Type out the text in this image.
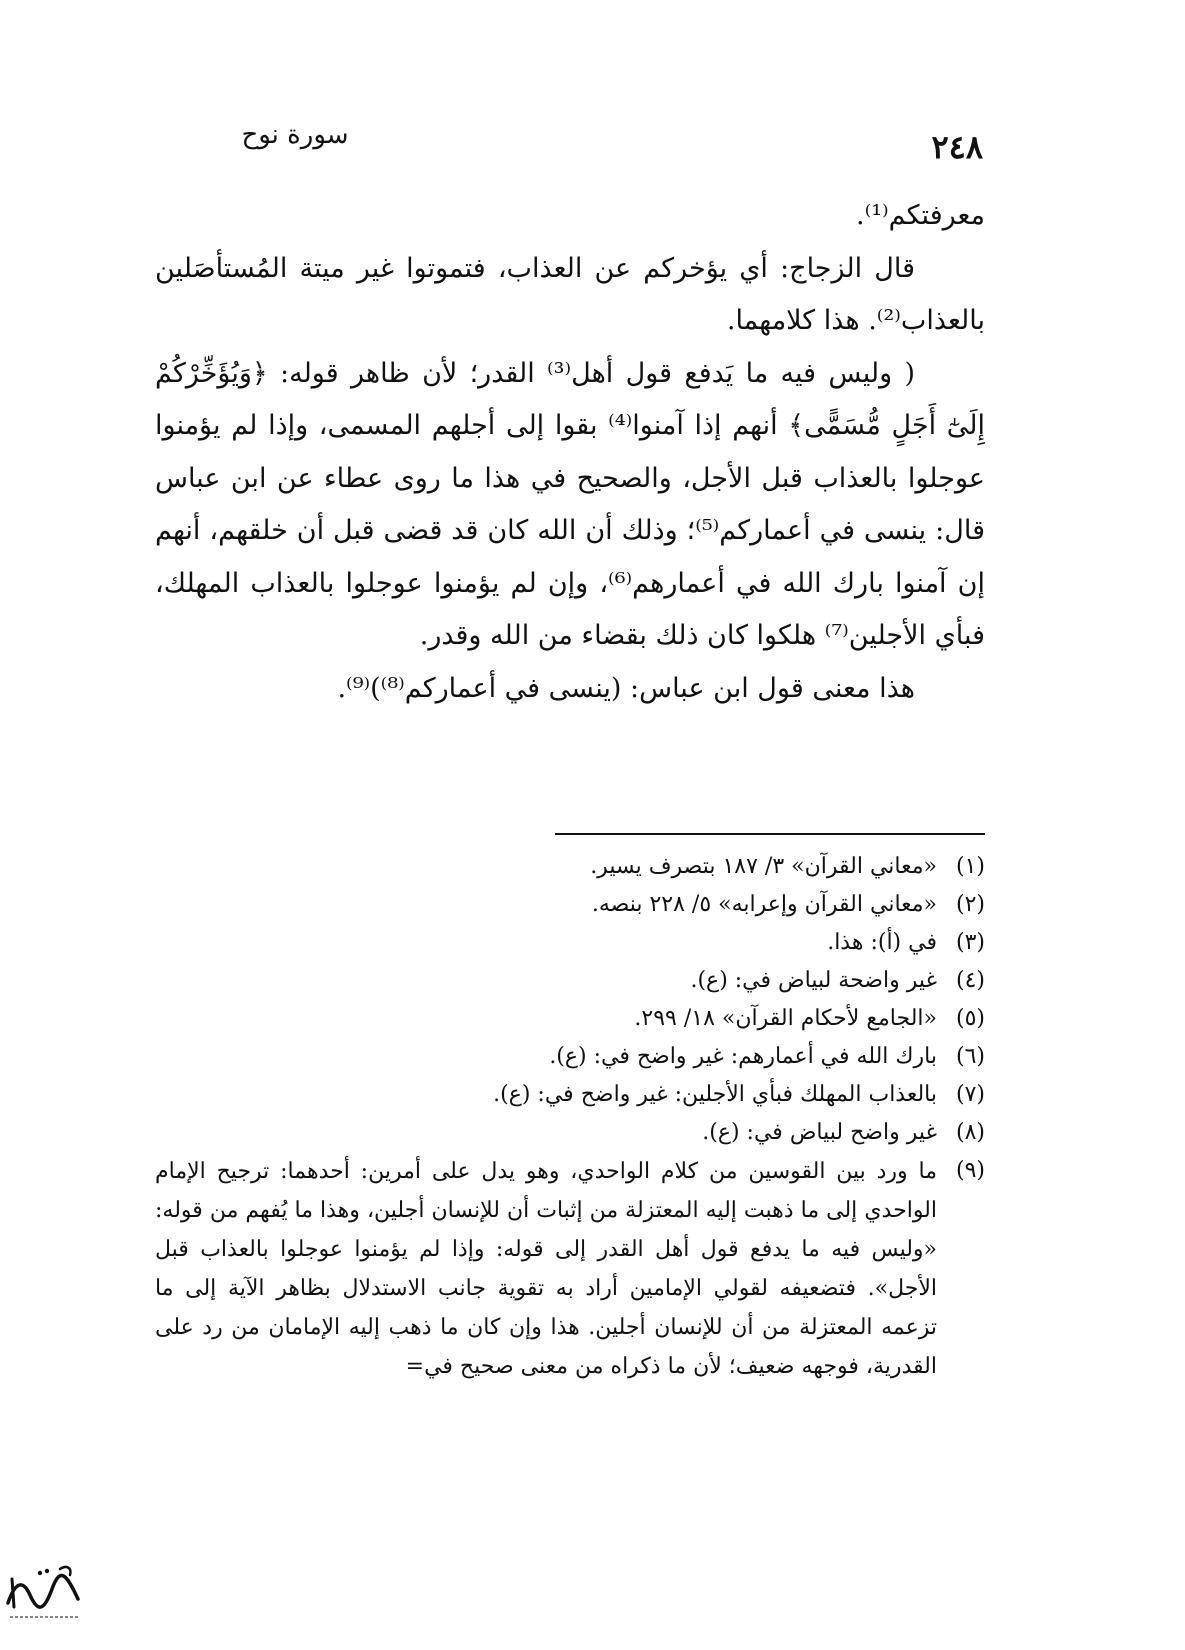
٢٤٨
سورة نوح

معرفتكم⁽¹⁾.

قال الزجاج: أي يؤخركم عن العذاب، فتموتوا غير ميتة المُستأصَلين بالعذاب⁽²⁾. هذا كلامهما.

( وليس فيه ما يَدفع قول أهل⁽³⁾ القدر؛ لأن ظاهر قوله: ﴿وَيُؤَخِّرْكُمْ إِلَىٰٓ أَجَلٍ مُّسَمًّى﴾ أنهم إذا آمنوا⁽⁴⁾ بقوا إلى أجلهم المسمى، وإذا لم يؤمنوا عوجلوا بالعذاب قبل الأجل، والصحيح في هذا ما روى عطاء عن ابن عباس قال: ينسى في أعماركم⁽⁵⁾؛ وذلك أن الله كان قد قضى قبل أن خلقهم، أنهم إن آمنوا بارك الله في أعمارهم⁽⁶⁾، وإن لم يؤمنوا عوجلوا بالعذاب المهلك، فبأي الأجلين⁽⁷⁾ هلكوا كان ذلك بقضاء من الله وقدر.

هذا معنى قول ابن عباس: (ينسى في أعماركم⁽⁸⁾)⁽⁹⁾.

(١)
«معاني القرآن» ٣/ ١٨٧ بتصرف يسير.
(٢)
«معاني القرآن وإعرابه» ٥/ ٢٢٨ بنصه.
(٣)
في (أ): هذا.
(٤)
غير واضحة لبياض في: (ع).
(٥)
«الجامع لأحكام القرآن» ١٨/ ٢٩٩.
(٦)
بارك الله في أعمارهم: غير واضح في: (ع).
(٧)
بالعذاب المهلك فبأي الأجلين: غير واضح في: (ع).
(٨)
غير واضح لبياض في: (ع).
(٩)
ما ورد بين القوسين من كلام الواحدي، وهو يدل على أمرين: أحدهما: ترجيح الإمام الواحدي إلى ما ذهبت إليه المعتزلة من إثبات أن للإنسان أجلين، وهذا ما يُفهم من قوله: «وليس فيه ما يدفع قول أهل القدر إلى قوله: وإذا لم يؤمنوا عوجلوا بالعذاب قبل الأجل». فتضعيفه لقولي الإمامين أراد به تقوية جانب الاستدلال بظاهر الآية إلى ما تزعمه المعتزلة من أن للإنسان أجلين. هذا وإن كان ما ذهب إليه الإمامان من رد على القدرية، فوجهه ضعيف؛ لأن ما ذكراه من معنى صحيح في=
